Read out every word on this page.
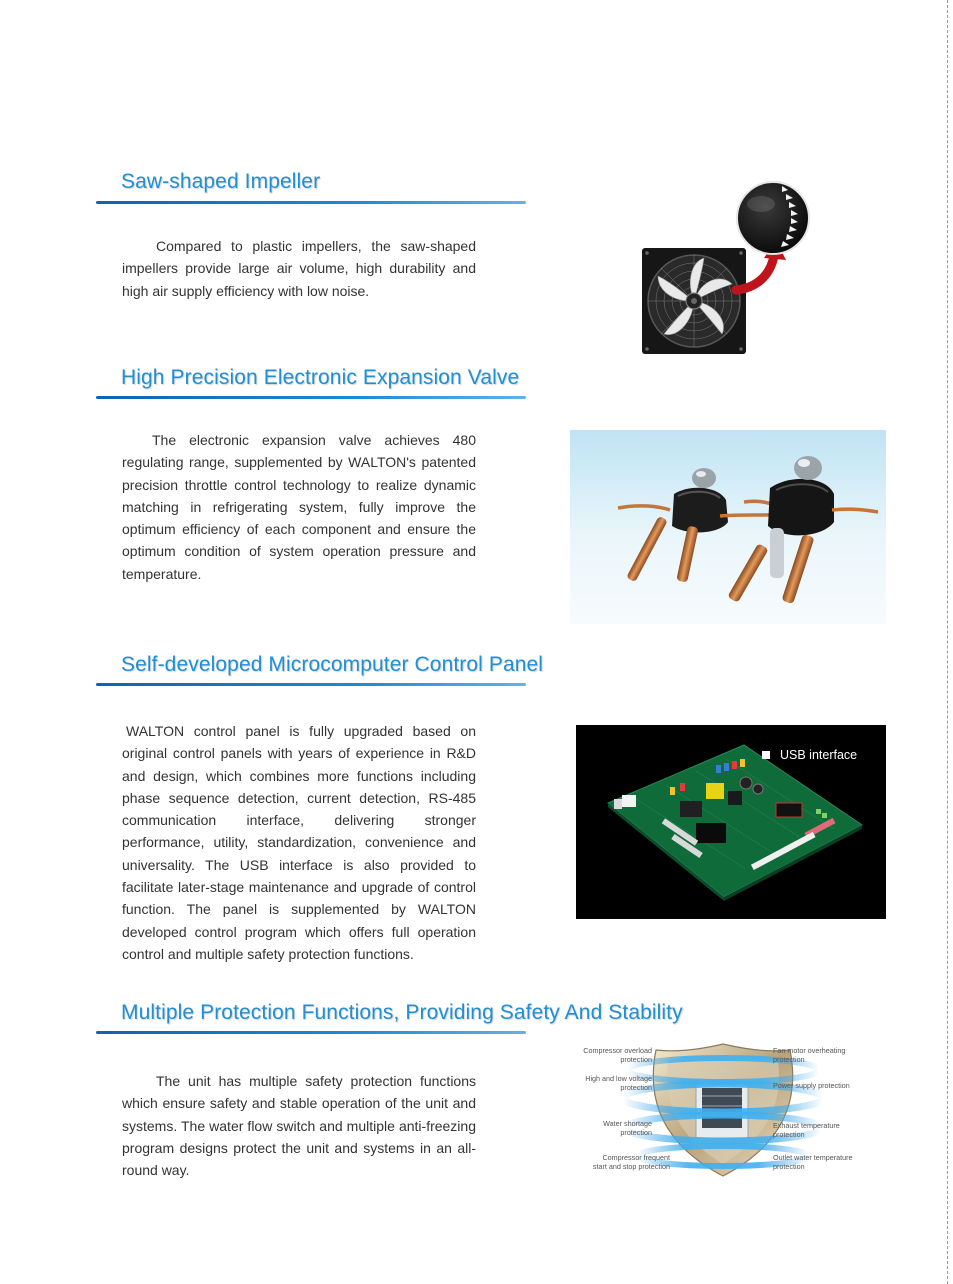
Saw-shaped Impeller

Compared to plastic impellers, the saw-shaped impellers provide large air volume, high durability and high air supply efficiency with low noise.

High Precision Electronic Expansion Valve

The electronic expansion valve achieves 480 regulating range, supplemented by WALTON's patented precision throttle control technology to realize dynamic matching in refrigerating system, fully improve the optimum efficiency of each component and ensure the optimum condition of system operation pressure and temperature.

Self-developed Microcomputer Control Panel

WALTON control panel is fully upgraded based on original control panels with years of experience in R&D and design, which combines more functions including phase sequence detection, current detection, RS-485 communication interface, delivering stronger performance, utility, standardization, convenience and universality. The USB interface is also provided to facilitate later-stage maintenance and upgrade of control function. The panel is supplemented by WALTON developed control program which offers full operation control and multiple safety protection functions.

USB interface
Multiple Protection Functions, Providing Safety And Stability

The unit has multiple safety protection functions which ensure safety and stable operation of the unit and systems. The water flow switch and multiple anti-freezing program designs protect the unit and systems in an all-round way.

Compressor overload
protection
High and low voltage
protection
Water shortage
protection
Compressor frequent
start and stop protection
Fan motor overheating
protection
Power supply protection
Exhaust temperature
protection
Outlet water temperature
protection
